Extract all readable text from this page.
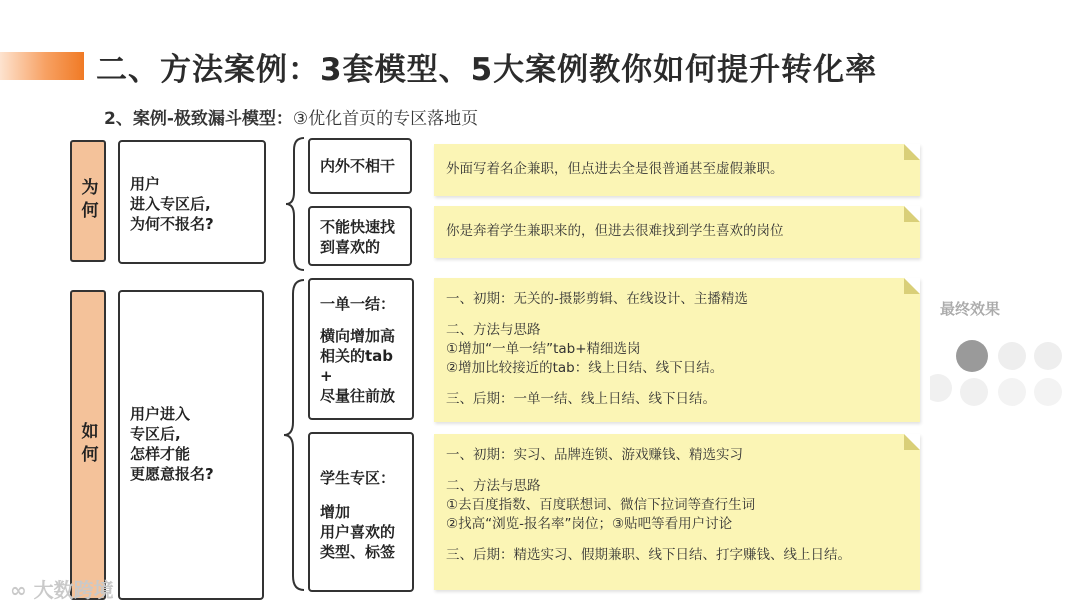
二、方法案例：3套模型、5大案例教你如何提升转化率
2、案例-极致漏斗模型：③优化首页的专区落地页
为何	用户
进入专区后,
为何不报名?
内外不相干
不能快速找
到喜欢的
外面写着名企兼职，但点进去全是很普通甚至虚假兼职。
你是奔着学生兼职来的，但进去很难找到学生喜欢的岗位
如何
用户进入
专区后,
怎样才能
更愿意报名?
一单一结：
横向增加高
相关的tab
+
尽量往前放
学生专区：
增加
用户喜欢的
类型、标签
一、初期：无关的-摄影剪辑、在线设计、主播精选
二、方法与思路
①增加“一单一结”tab+精细选岗
②增加比较接近的tab：线上日结、线下日结。
三、后期：一单一结、线上日结、线下日结。
一、初期：实习、品牌连锁、游戏赚钱、精选实习
二、方法与思路
①去百度指数、百度联想词、微信下拉词等查行生词
②找高“浏览-报名率”岗位；③贴吧等看用户讨论
三、后期：精选实习、假期兼职、线下日结、打字赚钱、线上日结。
最终效果
∞ 大数跨境
